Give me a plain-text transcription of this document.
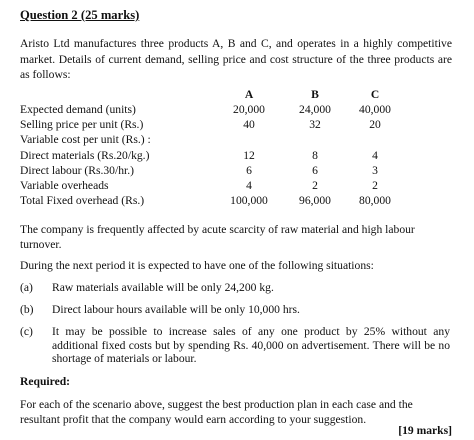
Question 2 (25 marks)
Aristo Ltd manufactures three products A, B and C, and operates in a highly competitive market. Details of current demand, selling price and cost structure of the three products are as follows:
A	B	C
Expected demand (units)	20,000	24,000	40,000
Selling price per unit (Rs.)	40	32	20
Variable cost per unit (Rs.) :
Direct materials (Rs.20/kg.)	12	8	4
Direct labour (Rs.30/hr.)	6	6	3
Variable overheads	4	2	2
Total Fixed overhead (Rs.)	100,000	96,000	80,000
The company is frequently affected by acute scarcity of raw material and high labour turnover.
During the next period it is expected to have one of the following situations:
(a) Raw materials available will be only 24,200 kg.
(b) Direct labour hours available will be only 10,000 hrs.
(c) It may be possible to increase sales of any one product by 25% without any additional fixed costs but by spending Rs. 40,000 on advertisement. There will be no shortage of materials or labour.
Required:
For each of the scenario above, suggest the best production plan in each case and the resultant profit that the company would earn according to your suggestion.
[19 marks]
